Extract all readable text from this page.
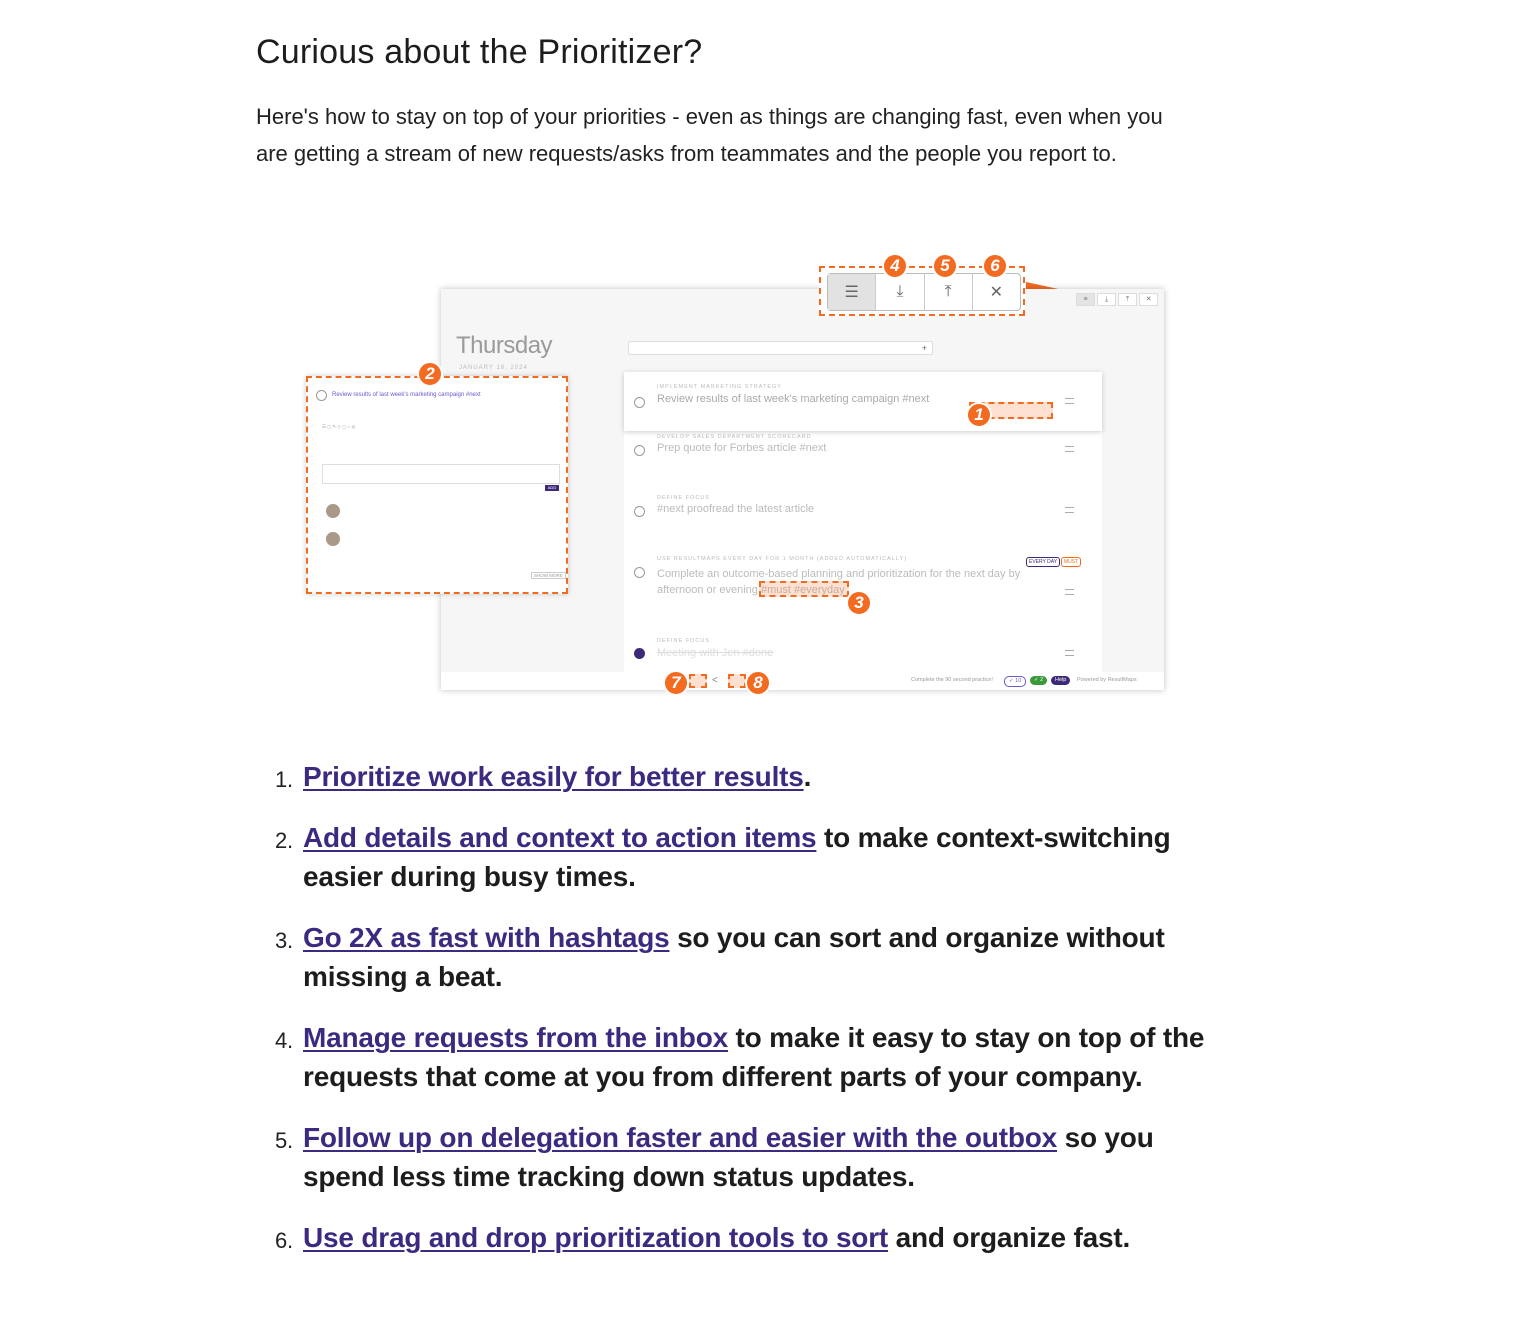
Curious about the Prioritizer?

Here's how to stay on top of your priorities - even as things are changing fast, even when you are getting a stream of new requests/asks from teammates and the people you report to.

≡	⤓	⤒	✕
Thursday
JANUARY 18, 2024
+
IMPLEMENT MARKETING STRATEGY
Review results of last week's marketing campaign #next
DEVELOP SALES DEPARTMENT SCORECARD
Prep quote for Forbes article #next
DEFINE FOCUS
#next proofread the latest article
USE RESULTMAPS EVERY DAY FOR 1 MONTH (ADDED AUTOMATICALLY)
Complete an outcome-based planning and prioritization for the next day by afternoon or evening #must #everyday
EVERY DAY	MUST
DEFINE FOCUS
Meeting with Jen #done
<	Complete the 90 second practice!	✓ 10	✓ 2	Help	Powered by ResultMaps
☰	⤓	⤒	✕
Review results of last week's marketing campaign #next
☰ ◻ ✎ ◇ ▢ ⌂ ◎
ADD
SHOW MORE
4	5	6
2
1
3
7	8
1. Prioritize work easily for better results.
2. Add details and context to action items to make context-switching easier during busy times.
3. Go 2X as fast with hashtags so you can sort and organize without missing a beat.
4. Manage requests from the inbox to make it easy to stay on top of the requests that come at you from different parts of your company.
5. Follow up on delegation faster and easier with the outbox so you spend less time tracking down status updates.
6. Use drag and drop prioritization tools to sort and organize fast.
